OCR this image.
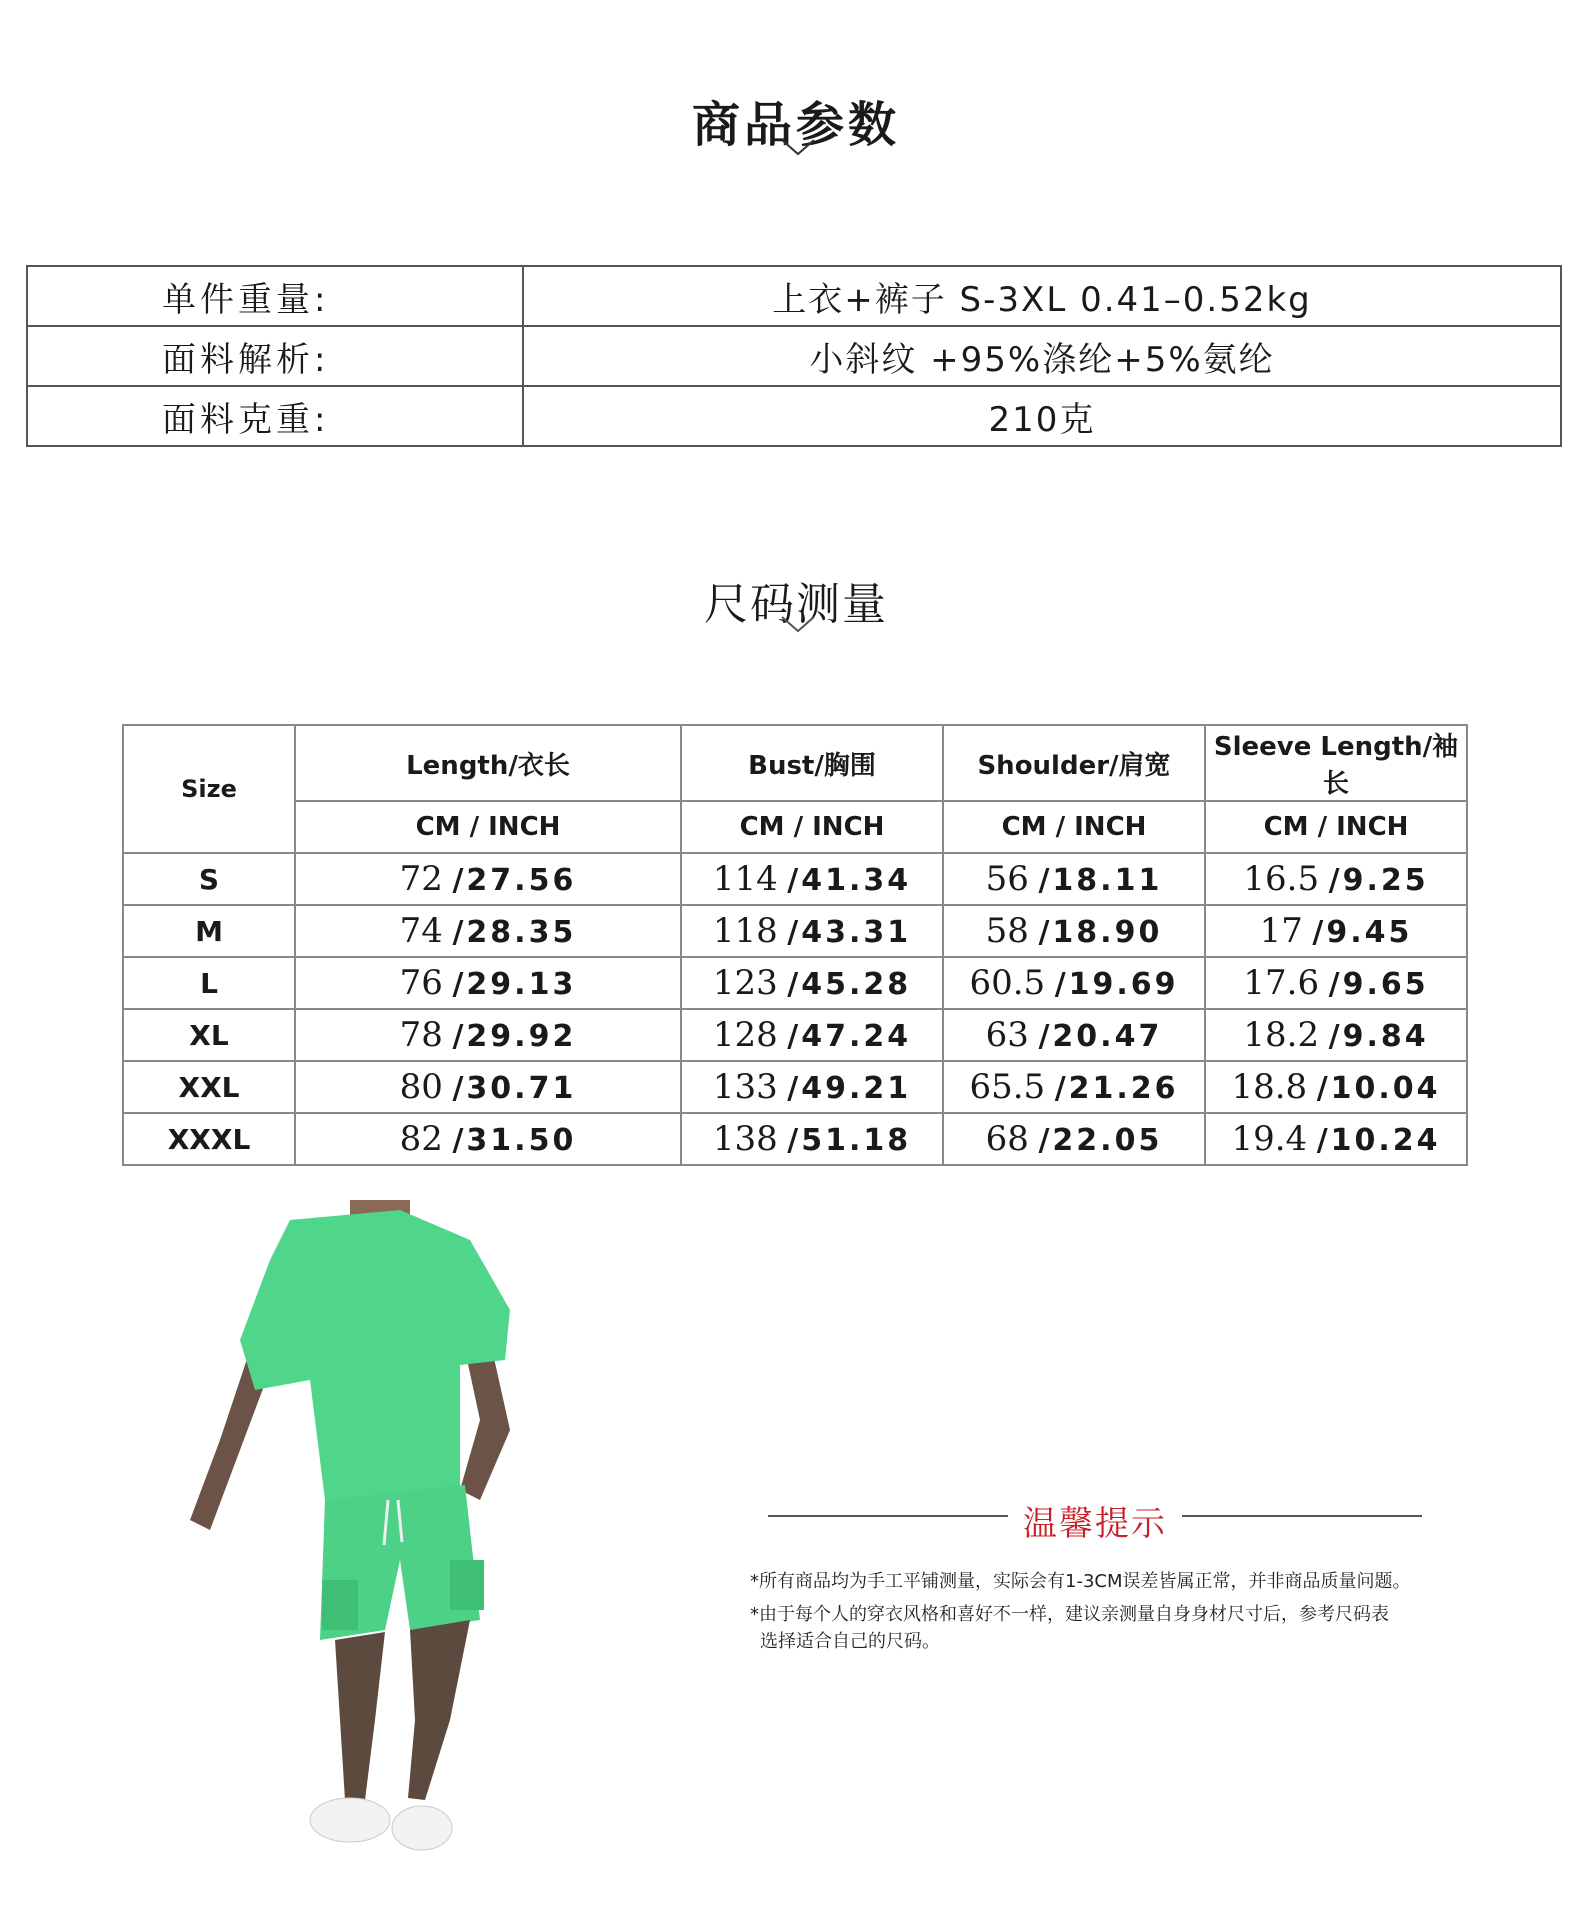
商品参数
单件重量:	上衣+裤子 S-3XL 0.41–0.52kg
面料解析:	小斜纹 +95%涤纶+5%氨纶
面料克重:	210克
尺码测量
Size	Length/衣长	Bust/胸围	Shoulder/肩宽	Sleeve Length/袖长
	CM / INCH	CM / INCH	CM / INCH	CM / INCH
S	72 /27.56	114 /41.34	56 /18.11	16.5 /9.25
M	74 /28.35	118 /43.31	58 /18.90	17 /9.45
L	76 /29.13	123 /45.28	60.5 /19.69	17.6 /9.65
XL	78 /29.92	128 /47.24	63 /20.47	18.2 /9.84
XXL	80 /30.71	133 /49.21	65.5 /21.26	18.8 /10.04
XXXL	82 /31.50	138 /51.18	68 /22.05	19.4 /10.24
温馨提示
*所有商品均为手工平铺测量，实际会有1-3CM误差皆属正常，并非商品质量问题。
*由于每个人的穿衣风格和喜好不一样，建议亲测量自身身材尺寸后，参考尺码表
选择适合自己的尺码。
